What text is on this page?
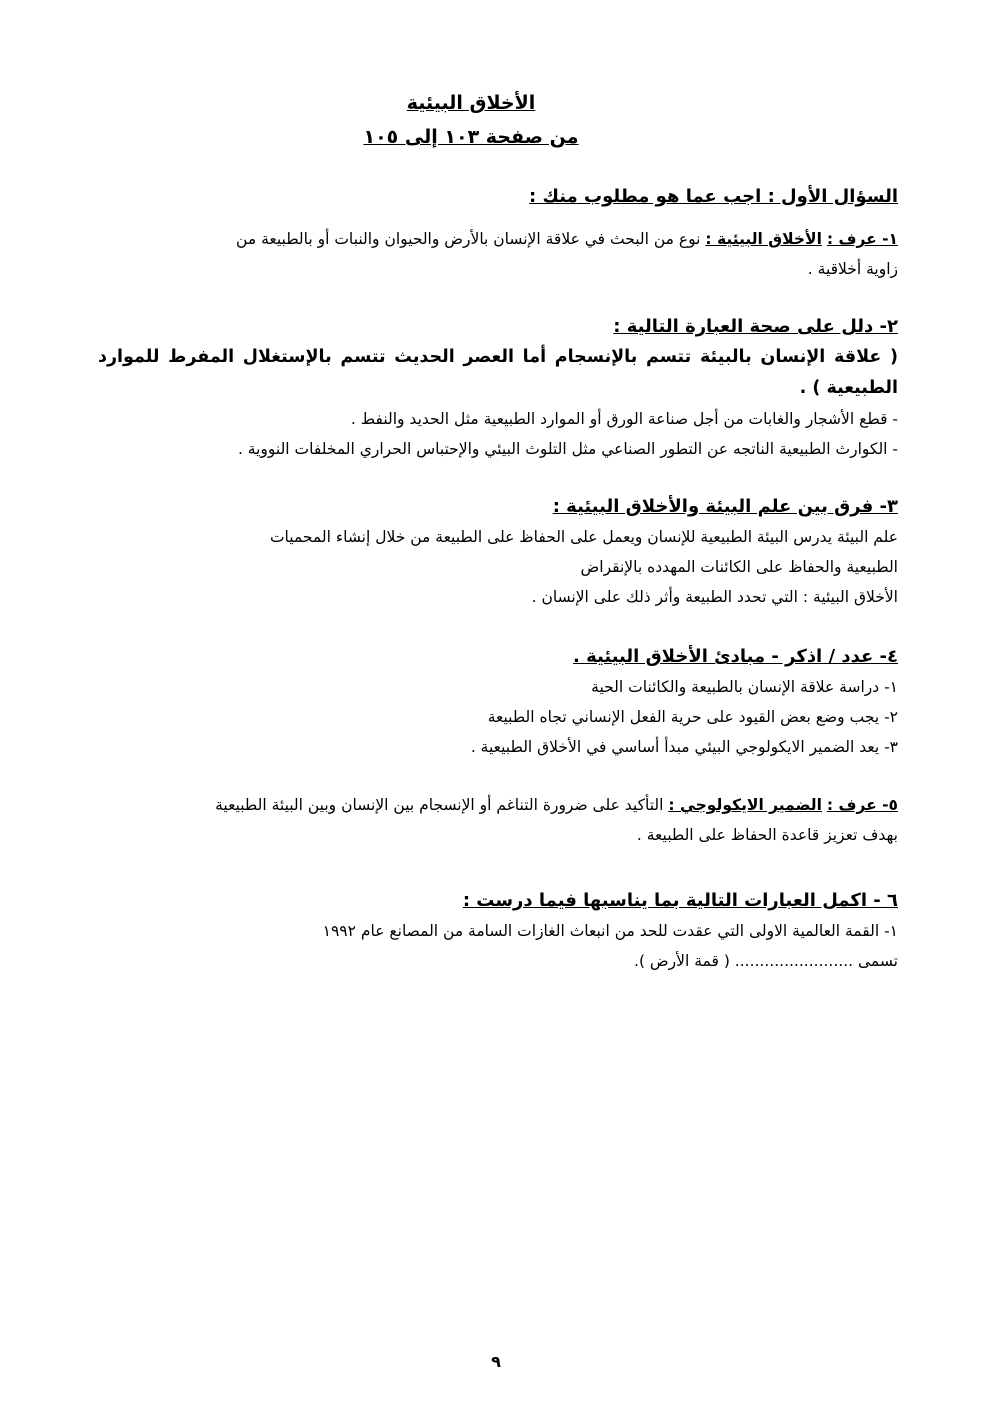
الأخلاق البيئية
من صفحة ١٠٣ إلى ١٠٥
السؤال الأول : اجب عما هو مطلوب منك :
١- عرف : الأخلاق البيئية : نوع من البحث في علاقة الإنسان بالأرض والحيوان والنبات أو بالطبيعة من
زاوية أخلاقية .
٢- دلل على صحة العبارة التالية :
( علاقة الإنسان بالبيئة تتسم بالإنسجام أما العصر الحديث تتسم بالإستغلال المفرط للموارد
الطبيعية ) .
- قطع الأشجار والغابات من أجل صناعة الورق أو الموارد الطبيعية مثل الحديد والنفط .
- الكوارث الطبيعية الناتجه عن التطور الصناعي مثل التلوث البيئي والإحتباس الحراري المخلفات النووية .
٣- فرق بين علم البيئة والأخلاق البيئية :
علم البيئة يدرس البيئة الطبيعية للإنسان ويعمل على الحفاظ على الطبيعة من خلال إنشاء المحميات
الطبيعية والحفاظ على الكائنات المهدده بالإنقراض
الأخلاق البيئية : التي تحدد الطبيعة وأثر ذلك على الإنسان .
٤- عدد / اذكر - مبادئ الأخلاق البيئية .
١- دراسة علاقة الإنسان بالطبيعة والكائنات الحية
٢- يجب وضع بعض القيود على حرية الفعل الإنساني تجاه الطبيعة
٣- يعد الضمير الايكولوجي البيئي مبدأ أساسي في الأخلاق الطبيعية .
٥- عرف : الضمير الايكولوجي : التأكيد على ضرورة التناغم أو الإنسجام بين الإنسان وبين البيئة الطبيعية
بهدف تعزيز قاعدة الحفاظ على الطبيعة .
٦ - اكمل العبارات التالية بما يناسبها فيما درست :
١- القمة العالمية الاولى التي عقدت للحد من انبعاث الغازات السامة من المصانع عام ١٩٩٢
تسمى ........................ ( قمة الأرض ).
٩
